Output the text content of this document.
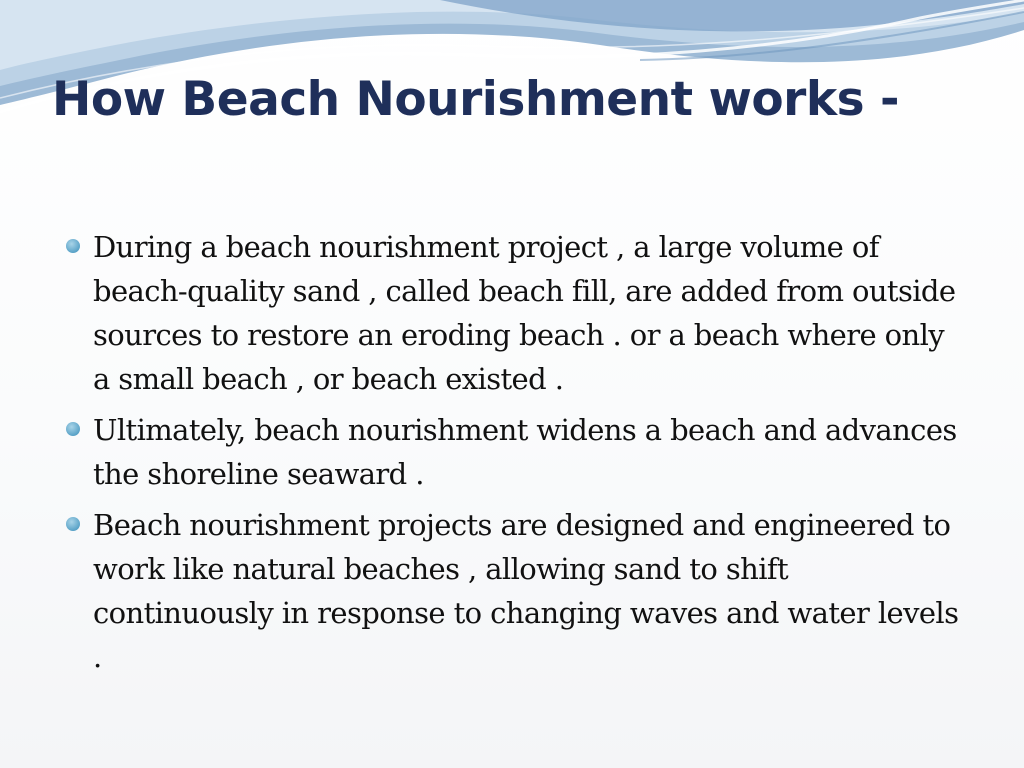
How Beach Nourishment works -
During a beach nourishment project , a large volume of beach-quality sand , called beach fill, are added from outside sources to restore an eroding beach . or a beach where only a small beach , or beach existed .
Ultimately, beach nourishment widens a beach and advances the shoreline seaward .
Beach nourishment projects are designed and engineered to work like natural beaches , allowing sand to shift continuously in response to changing waves and water levels .
